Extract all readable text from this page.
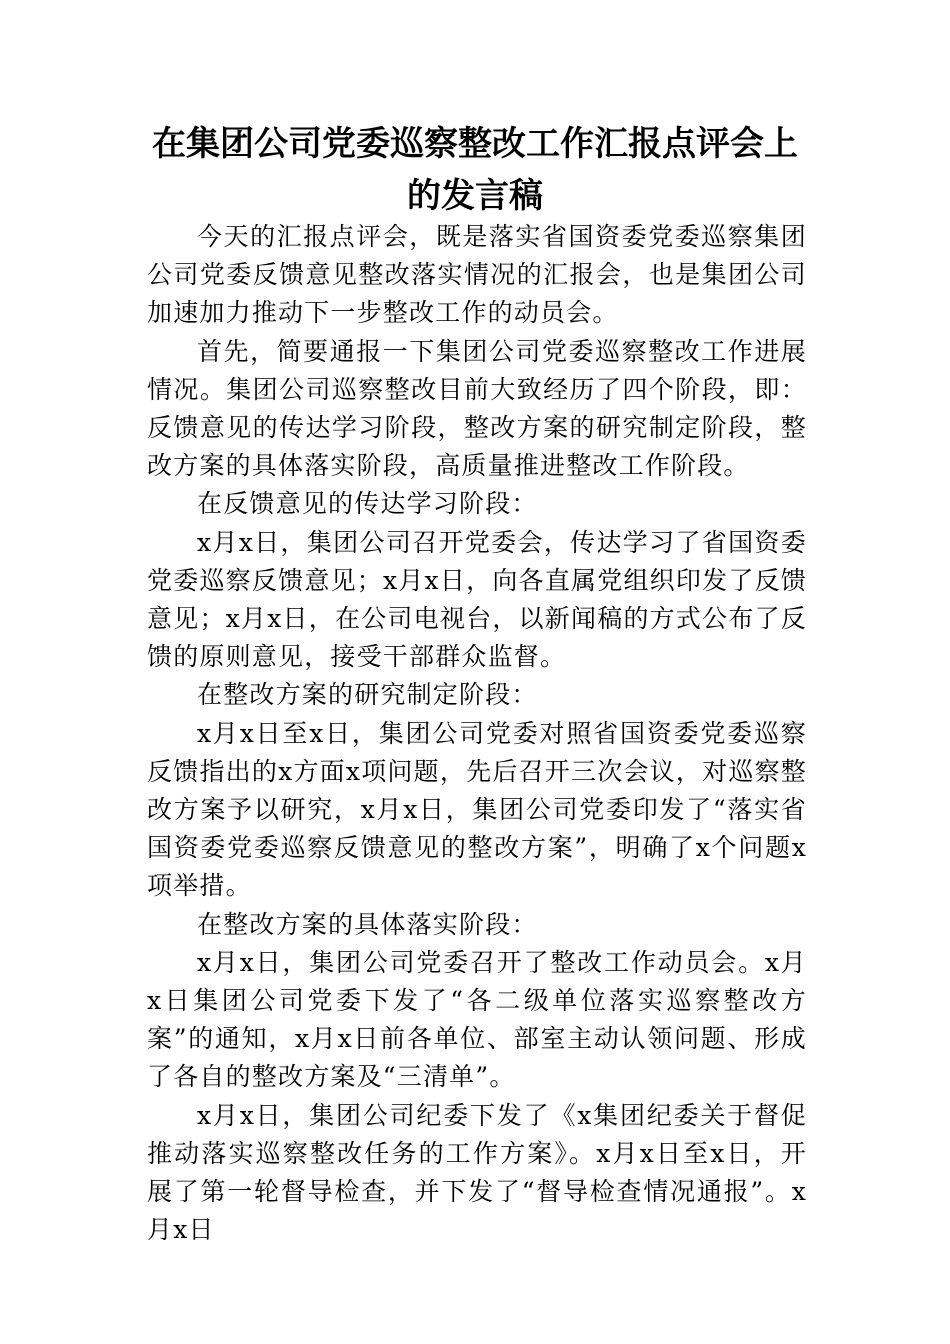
在集团公司党委巡察整改工作汇报点评会上的发言稿

今天的汇报点评会，既是落实省国资委党委巡察集团公司党委反馈意见整改落实情况的汇报会，也是集团公司加速加力推动下一步整改工作的动员会。

首先，简要通报一下集团公司党委巡察整改工作进展情况。集团公司巡察整改目前大致经历了四个阶段，即：反馈意见的传达学习阶段，整改方案的研究制定阶段，整改方案的具体落实阶段，高质量推进整改工作阶段。

在反馈意见的传达学习阶段：

x月x日，集团公司召开党委会，传达学习了省国资委党委巡察反馈意见；x月x日，向各直属党组织印发了反馈意见；x月x日，在公司电视台，以新闻稿的方式公布了反馈的原则意见，接受干部群众监督。

在整改方案的研究制定阶段：

x月x日至x日，集团公司党委对照省国资委党委巡察反馈指出的x方面x项问题，先后召开三次会议，对巡察整改方案予以研究，x月x日，集团公司党委印发了“落实省国资委党委巡察反馈意见的整改方案”，明确了x个问题x项举措。

在整改方案的具体落实阶段：

x月x日，集团公司党委召开了整改工作动员会。x月x日集团公司党委下发了“各二级单位落实巡察整改方案”的通知，x月x日前各单位、部室主动认领问题、形成了各自的整改方案及“三清单”。

x月x日，集团公司纪委下发了《x集团纪委关于督促推动落实巡察整改任务的工作方案》。x月x日至x日，开展了第一轮督导检查，并下发了“督导检查情况通报”。x月x日
